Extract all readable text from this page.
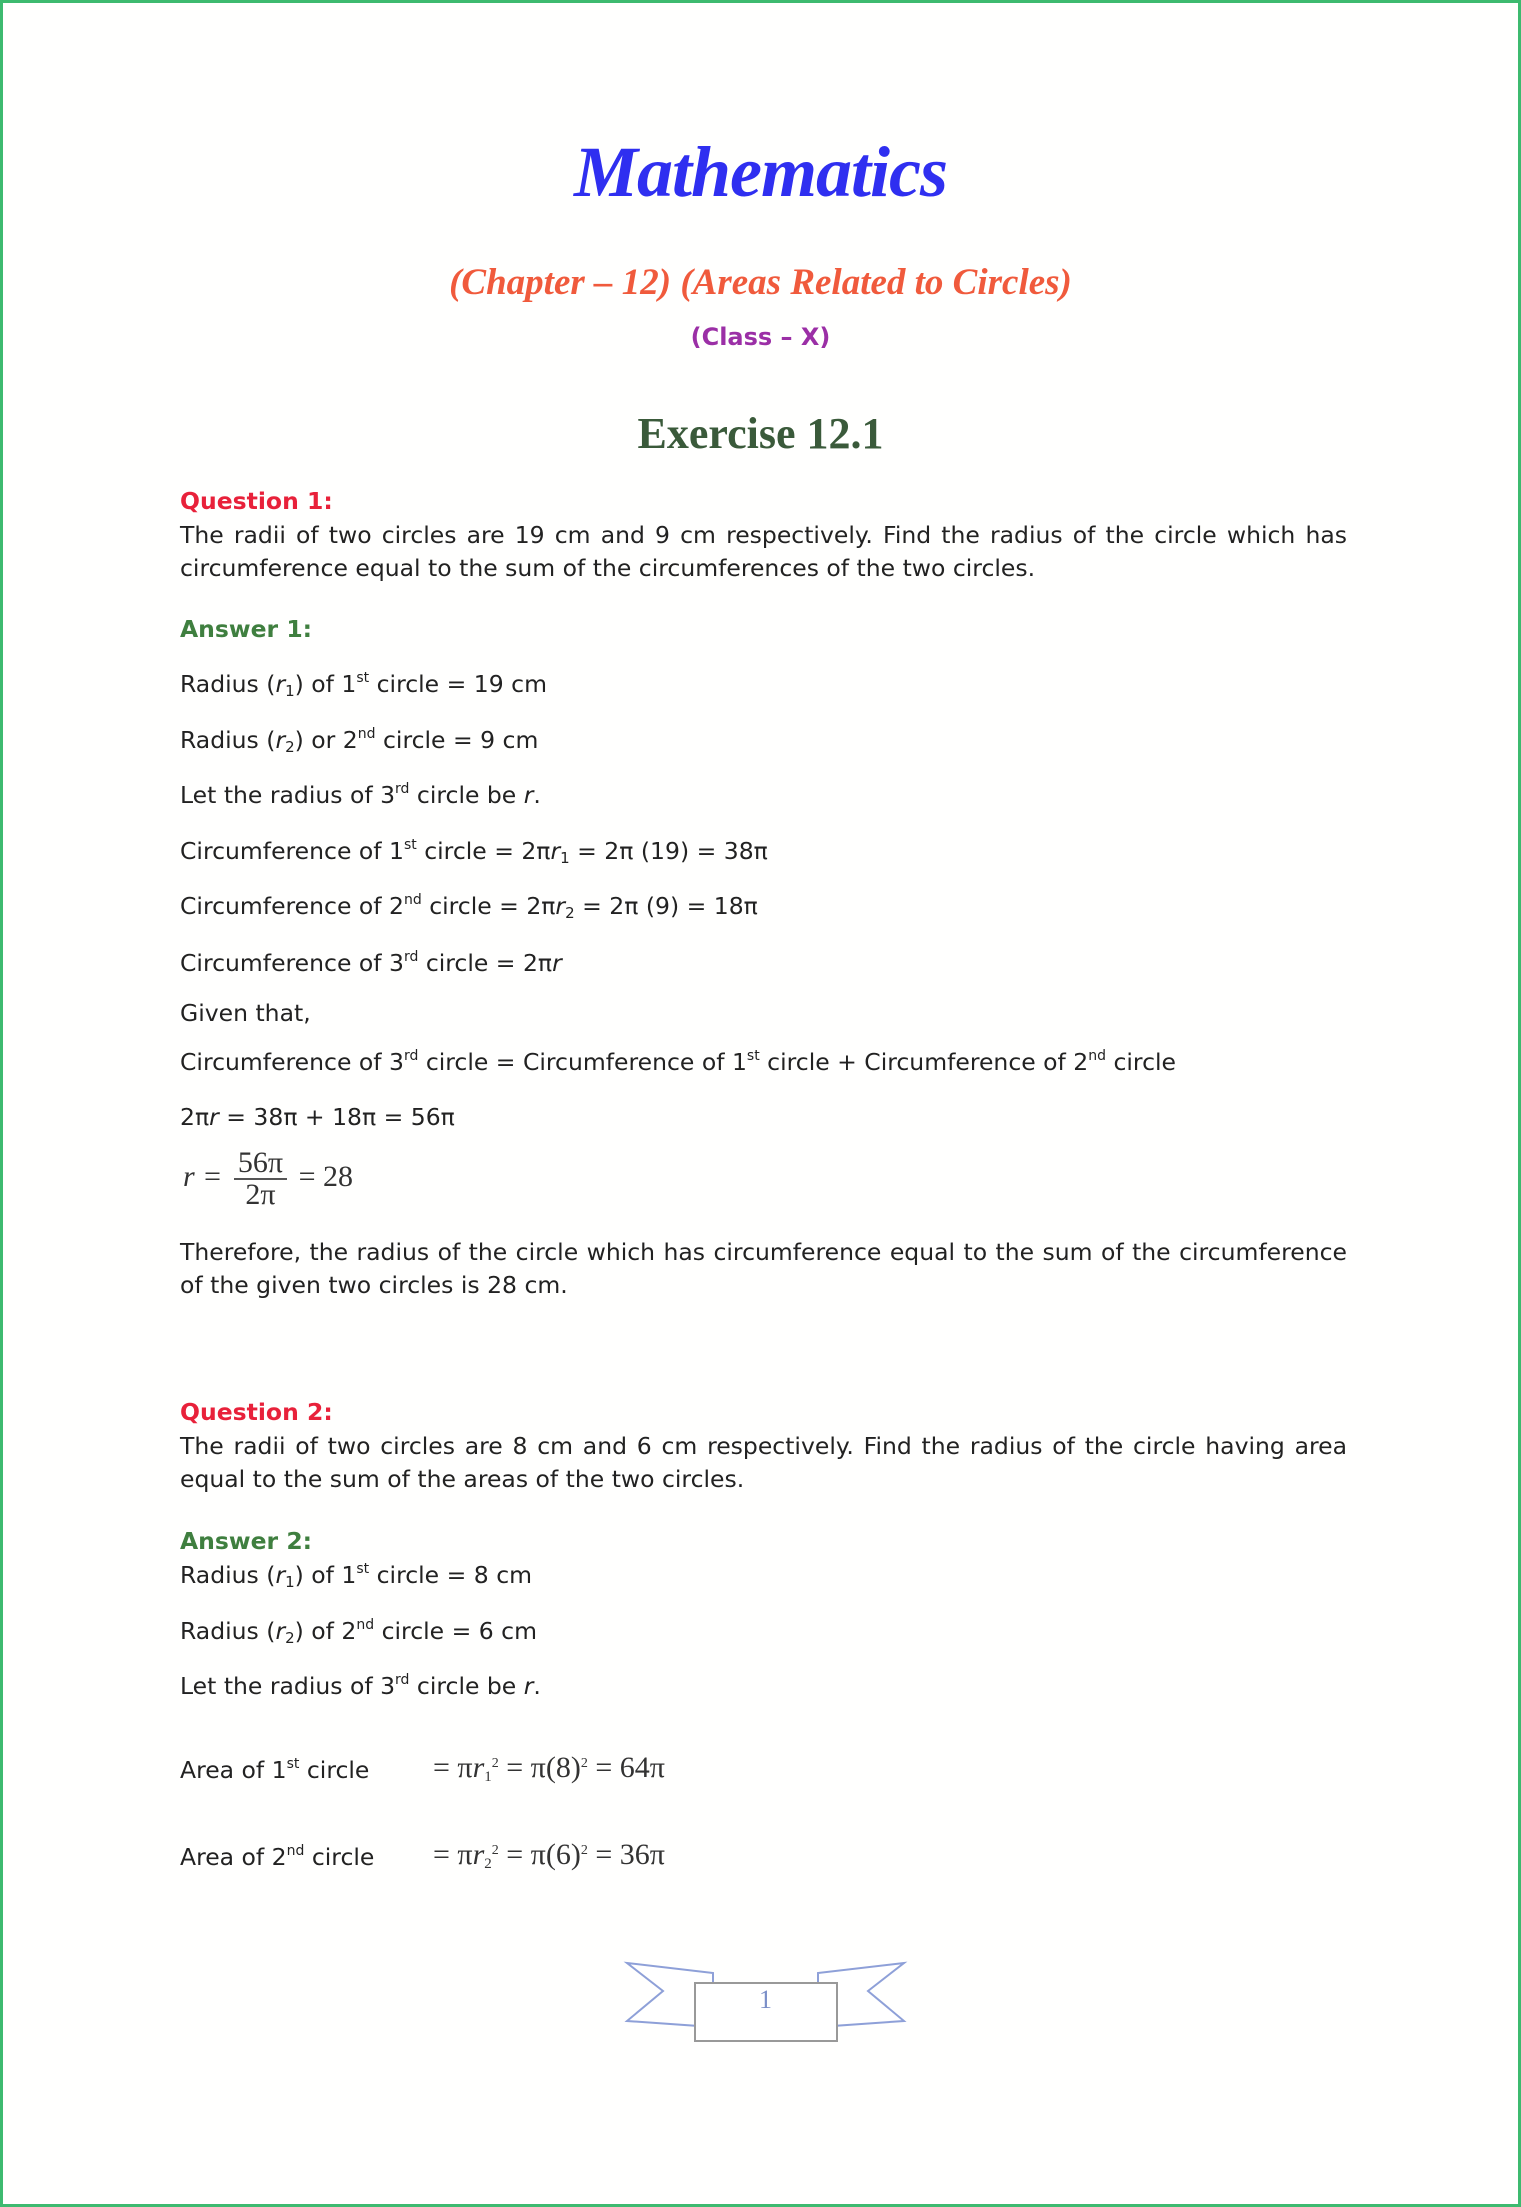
Mathematics
(Chapter – 12) (Areas Related to Circles)
(Class – X)
Exercise 12.1
Question 1:
The radii of two circles are 19 cm and 9 cm respectively. Find the radius of the circle which has circumference equal to the sum of the circumferences of the two circles.
Answer 1:
Radius $(r_1)$ of 1st circle = 19 cm
Radius $(r_2)$ or 2nd circle = 9 cm
Let the radius of 3rd circle be r.
Circumference of 1st circle = $2\pi r_1 = 2\pi$ (19) = 38π
Circumference of 2nd circle = $2\pi r_2 = 2\pi$ (9) = 18π
Circumference of 3rd circle = 2πr
Given that,
Circumference of 3rd circle = Circumference of 1st circle + Circumference of 2nd circle
2πr = 38π + 18π = 56π
$r = \frac{56\pi}{2\pi} = 28$
Therefore, the radius of the circle which has circumference equal to the sum of the circumference of the given two circles is 28 cm.
Question 2:
The radii of two circles are 8 cm and 6 cm respectively. Find the radius of the circle having area equal to the sum of the areas of the two circles.
Answer 2:
Radius $(r_1)$ of 1st circle = 8 cm
Radius $(r_2)$ of 2nd circle = 6 cm
Let the radius of 3rd circle be r.
Area of 1st circle	= $\pi r_1^2 = \pi(8)^2 = 64\pi$
Area of 2nd circle	= $\pi r_2^2 = \pi(6)^2 = 36\pi$
1
